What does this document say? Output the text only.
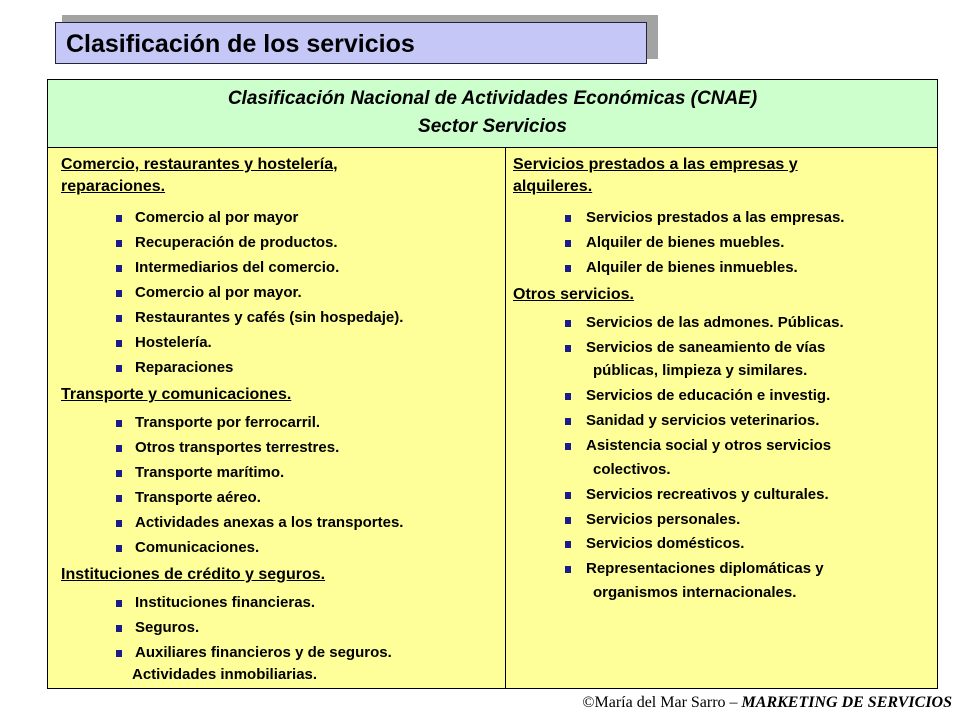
Clasificación de los servicios
Clasificación Nacional de Actividades Económicas (CNAE)
Sector Servicios
Comercio, restaurantes y hostelería,
reparaciones.
Comercio al por mayor
Recuperación de productos.
Intermediarios del comercio.
Comercio al por mayor.
Restaurantes y cafés (sin hospedaje).
Hostelería.
Reparaciones
Transporte y comunicaciones.
Transporte por ferrocarril.
Otros transportes terrestres.
Transporte marítimo.
Transporte aéreo.
Actividades anexas a los transportes.
Comunicaciones.
Instituciones de crédito y seguros.
Instituciones financieras.
Seguros.
Auxiliares financieros y de seguros.
Actividades inmobiliarias.
Servicios prestados a las empresas y
alquileres.
Servicios prestados a las empresas.
Alquiler de bienes muebles.
Alquiler de bienes inmuebles.
Otros servicios.
Servicios de las admones. Públicas.
Servicios de saneamiento de vías
públicas, limpieza y similares.
Servicios de educación e investig.
Sanidad y servicios veterinarios.
Asistencia social y otros servicios
colectivos.
Servicios recreativos y culturales.
Servicios personales.
Servicios domésticos.
Representaciones diplomáticas y
organismos internacionales.
©María del Mar Sarro – MARKETING DE SERVICIOS
